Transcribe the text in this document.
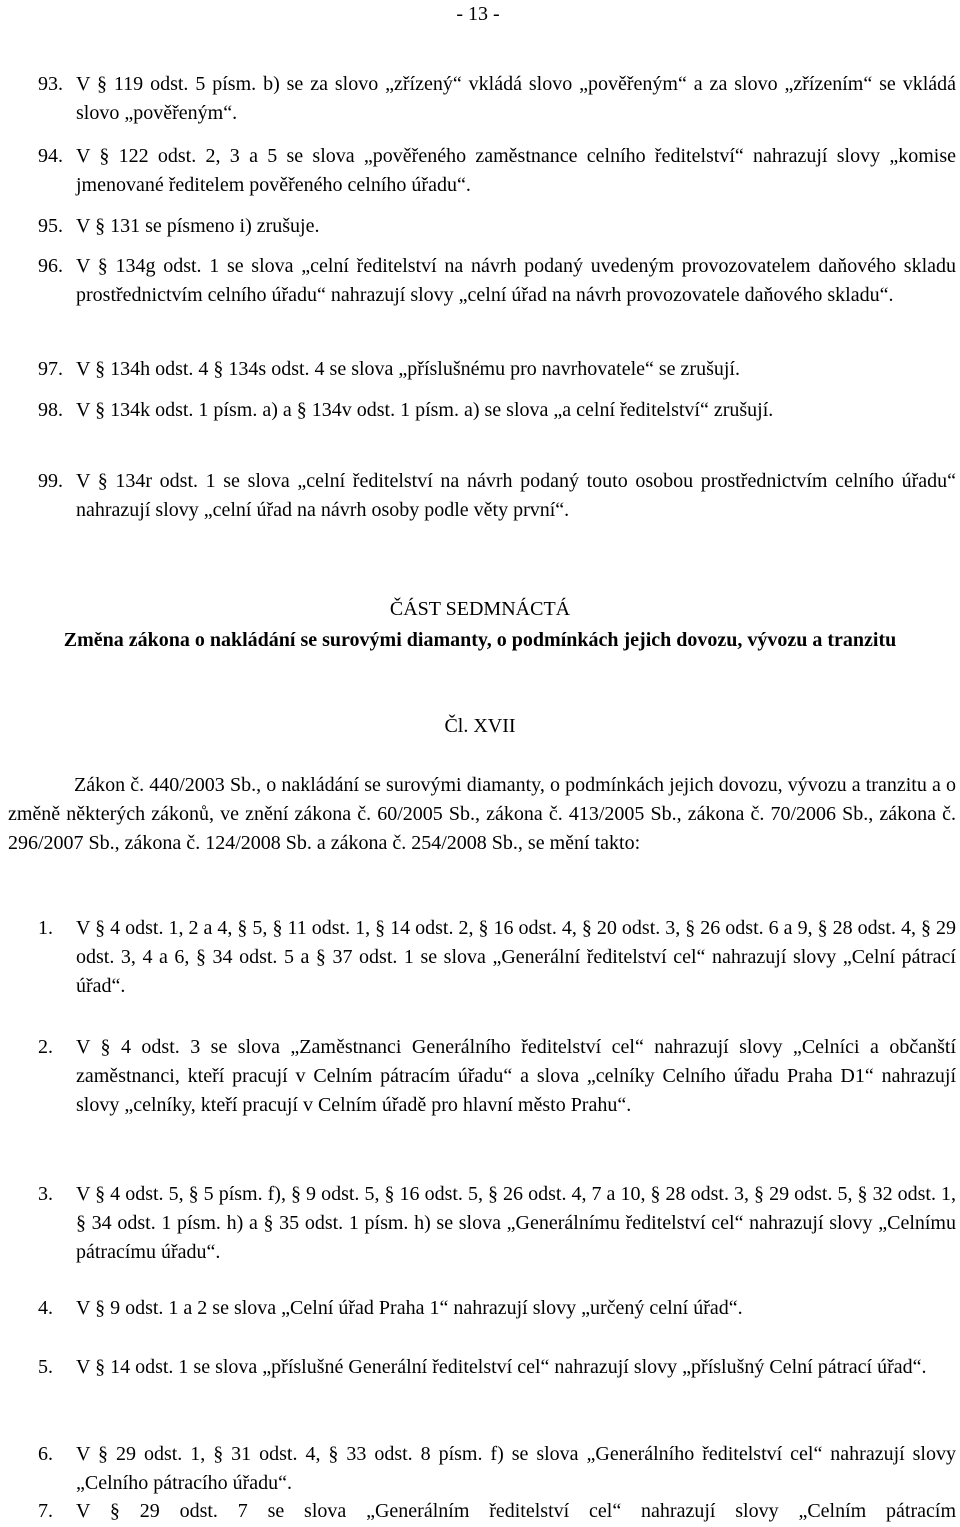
- 13 -
93. V § 119 odst. 5 písm. b) se za slovo „zřízený“ vkládá slovo „pověřeným“ a za slovo „zřízením“ se vkládá slovo „pověřeným“.
94. V § 122 odst. 2, 3 a 5 se slova „pověřeného zaměstnance celního ředitelství“ nahrazují slovy „komise jmenované ředitelem pověřeného celního úřadu“.
95. V § 131 se písmeno i) zrušuje.
96. V § 134g odst. 1 se slova „celní ředitelství na návrh podaný uvedeným provozovatelem daňového skladu prostřednictvím celního úřadu“ nahrazují slovy „celní úřad na návrh provozovatele daňového skladu“.
97. V § 134h odst. 4 § 134s odst. 4 se slova „příslušnému pro navrhovatele“ se zrušují.
98. V § 134k odst. 1 písm. a) a § 134v odst. 1 písm. a) se slova „a celní ředitelství“ zrušují.
99. V § 134r odst. 1 se slova „celní ředitelství na návrh podaný touto osobou prostřednictvím celního úřadu“ nahrazují slovy „celní úřad na návrh osoby podle věty první“.
ČÁST SEDMNÁCTÁ
Změna zákona o nakládání se surovými diamanty, o podmínkách jejich dovozu, vývozu a tranzitu
Čl. XVII
Zákon č. 440/2003 Sb., o nakládání se surovými diamanty, o podmínkách jejich dovozu, vývozu a tranzitu a o změně některých zákonů, ve znění zákona č. 60/2005 Sb., zákona č. 413/2005 Sb., zákona č. 70/2006 Sb., zákona č. 296/2007 Sb., zákona č. 124/2008 Sb. a zákona č. 254/2008 Sb., se mění takto:
1. V § 4 odst. 1, 2 a 4, § 5, § 11 odst. 1, § 14 odst. 2, § 16 odst. 4, § 20 odst. 3, § 26 odst. 6 a 9, § 28 odst. 4, § 29 odst. 3, 4 a 6, § 34 odst. 5 a § 37 odst. 1 se slova „Generální ředitelství cel“ nahrazují slovy „Celní pátrací úřad“.
2. V § 4 odst. 3 se slova „Zaměstnanci Generálního ředitelství cel“ nahrazují slovy „Celníci a občanští zaměstnanci, kteří pracují v Celním pátracím úřadu“ a slova „celníky Celního úřadu Praha D1“ nahrazují slovy „celníky, kteří pracují v Celním úřadě pro hlavní město Prahu“.
3. V § 4 odst. 5, § 5 písm. f), § 9 odst. 5, § 16 odst. 5, § 26 odst. 4, 7 a 10, § 28 odst. 3, § 29 odst. 5, § 32 odst. 1, § 34 odst. 1 písm. h) a § 35 odst. 1 písm. h) se slova „Generálnímu ředitelství cel“ nahrazují slovy „Celnímu pátracímu úřadu“.
4. V § 9 odst. 1 a 2 se slova „Celní úřad Praha 1“ nahrazují slovy „určený celní úřad“.
5. V § 14 odst. 1 se slova „příslušné Generální ředitelství cel“ nahrazují slovy „příslušný Celní pátrací úřad“.
6. V § 29 odst. 1, § 31 odst. 4, § 33 odst. 8 písm. f) se slova „Generálního ředitelství cel“ nahrazují slovy „Celního pátracího úřadu“.
7. V § 29 odst. 7 se slova „Generálním ředitelství cel“ nahrazují slovy „Celním pátracím
